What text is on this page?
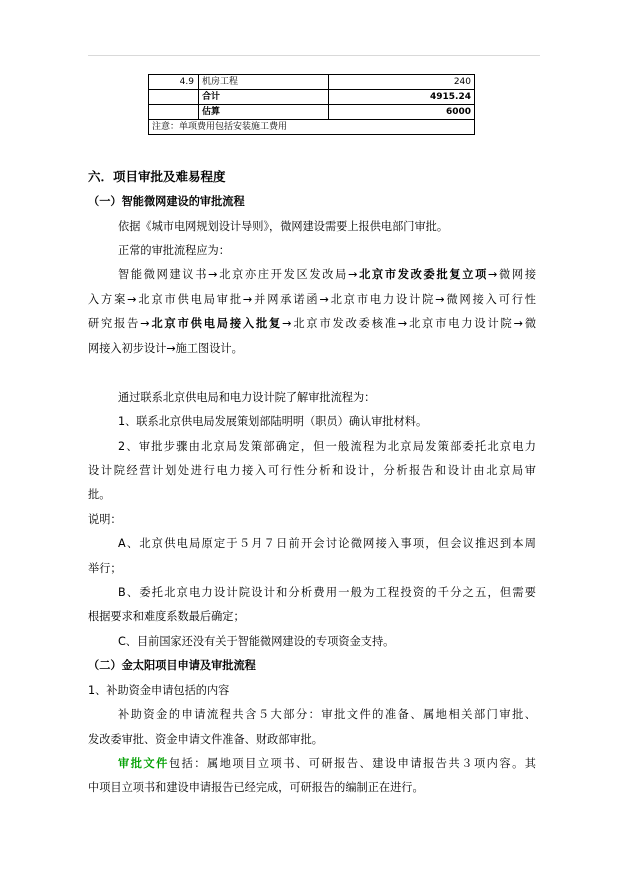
4.9	机房工程	240
	合计	4915.24
	估算	6000
注意：单项费用包括安装施工费用		
六．项目审批及难易程度
（一）智能微网建设的审批流程
依据《城市电网规划设计导则》，微网建设需要上报供电部门审批。
正常的审批流程应为：
智能微网建议书→北京亦庄开发区发改局→北京市发改委批复立项→微网接
入方案→北京市供电局审批→并网承诺函→北京市电力设计院→微网接入可行性
研究报告→北京市供电局接入批复→北京市发改委核准→北京市电力设计院→微
网接入初步设计→施工图设计。
通过联系北京供电局和电力设计院了解审批流程为：
1、联系北京供电局发展策划部陆明明（职员）确认审批材料。
2、审批步骤由北京局发策部确定，但一般流程为北京局发策部委托北京电力
设计院经营计划处进行电力接入可行性分析和设计，分析报告和设计由北京局审
批。
说明：
A、北京供电局原定于５月７日前开会讨论微网接入事项，但会议推迟到本周
举行；
B、委托北京电力设计院设计和分析费用一般为工程投资的千分之五，但需要
根据要求和难度系数最后确定；
C、目前国家还没有关于智能微网建设的专项资金支持。
（二）金太阳项目申请及审批流程
1、补助资金申请包括的内容
补助资金的申请流程共含５大部分：审批文件的准备、属地相关部门审批、
发改委审批、资金申请文件准备、财政部审批。
审批文件包括：属地项目立项书、可研报告、建设申请报告共３项内容。其
中项目立项书和建设申请报告已经完成，可研报告的编制正在进行。
